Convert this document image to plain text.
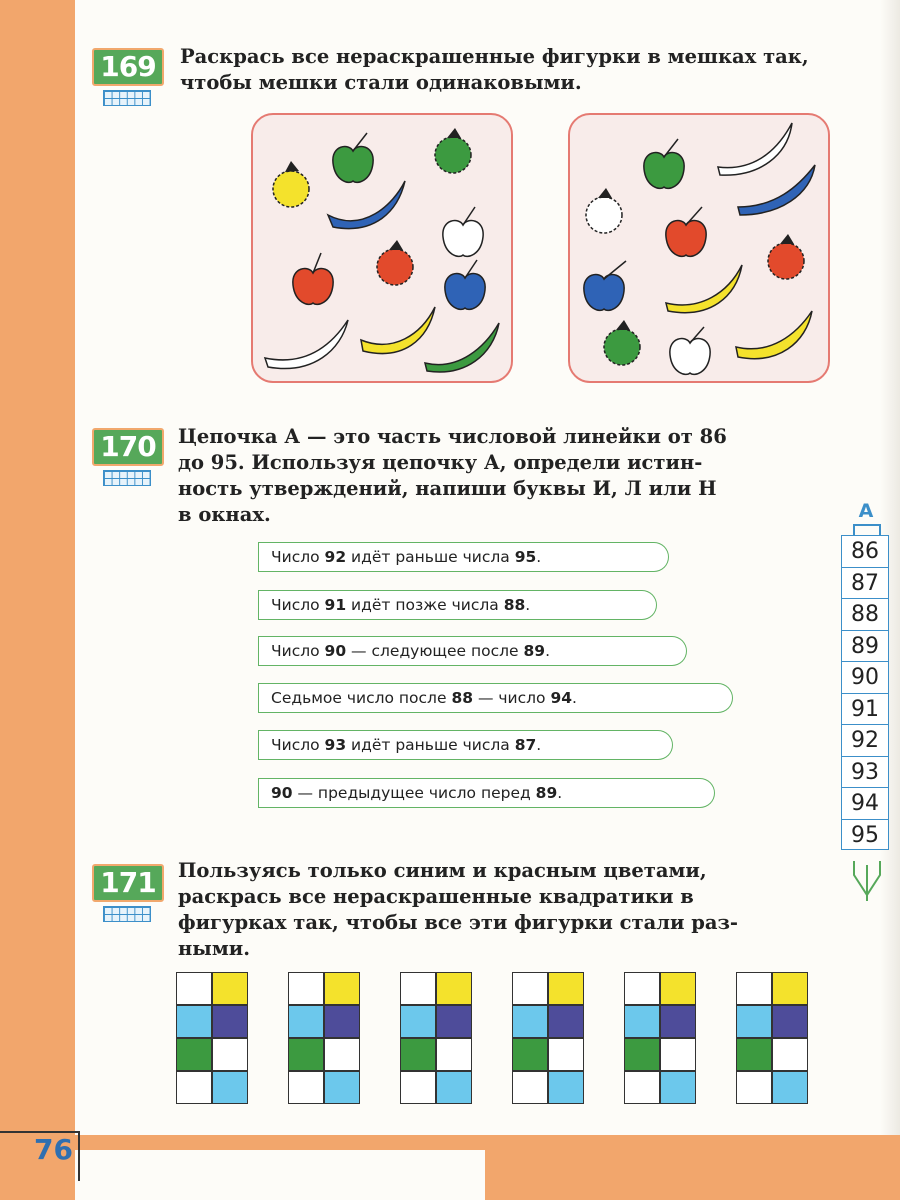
169	Раскрась все нераскрашенные фигурки в мешках так,
чтобы мешки стали одинаковыми.
170	Цепочка А — это часть числовой линейки от 86
до 95. Используя цепочку А, определи истин-
ность утверждений, напиши буквы И, Л или Н
в окнах.
Число 92 идёт раньше числа 95.
Число 91 идёт позже числа 88.
Число 90 — следующее после 89.
Седьмое число после 88 — число 94.
Число 93 идёт раньше числа 87.
90 — предыдущее число перед 89.
А
86
87
88
89
90
91
92
93
94
95
171	Пользуясь только синим и красным цветами,
раскрась все нераскрашенные квадратики в
фигурках так, чтобы все эти фигурки стали раз-
ными.
76
